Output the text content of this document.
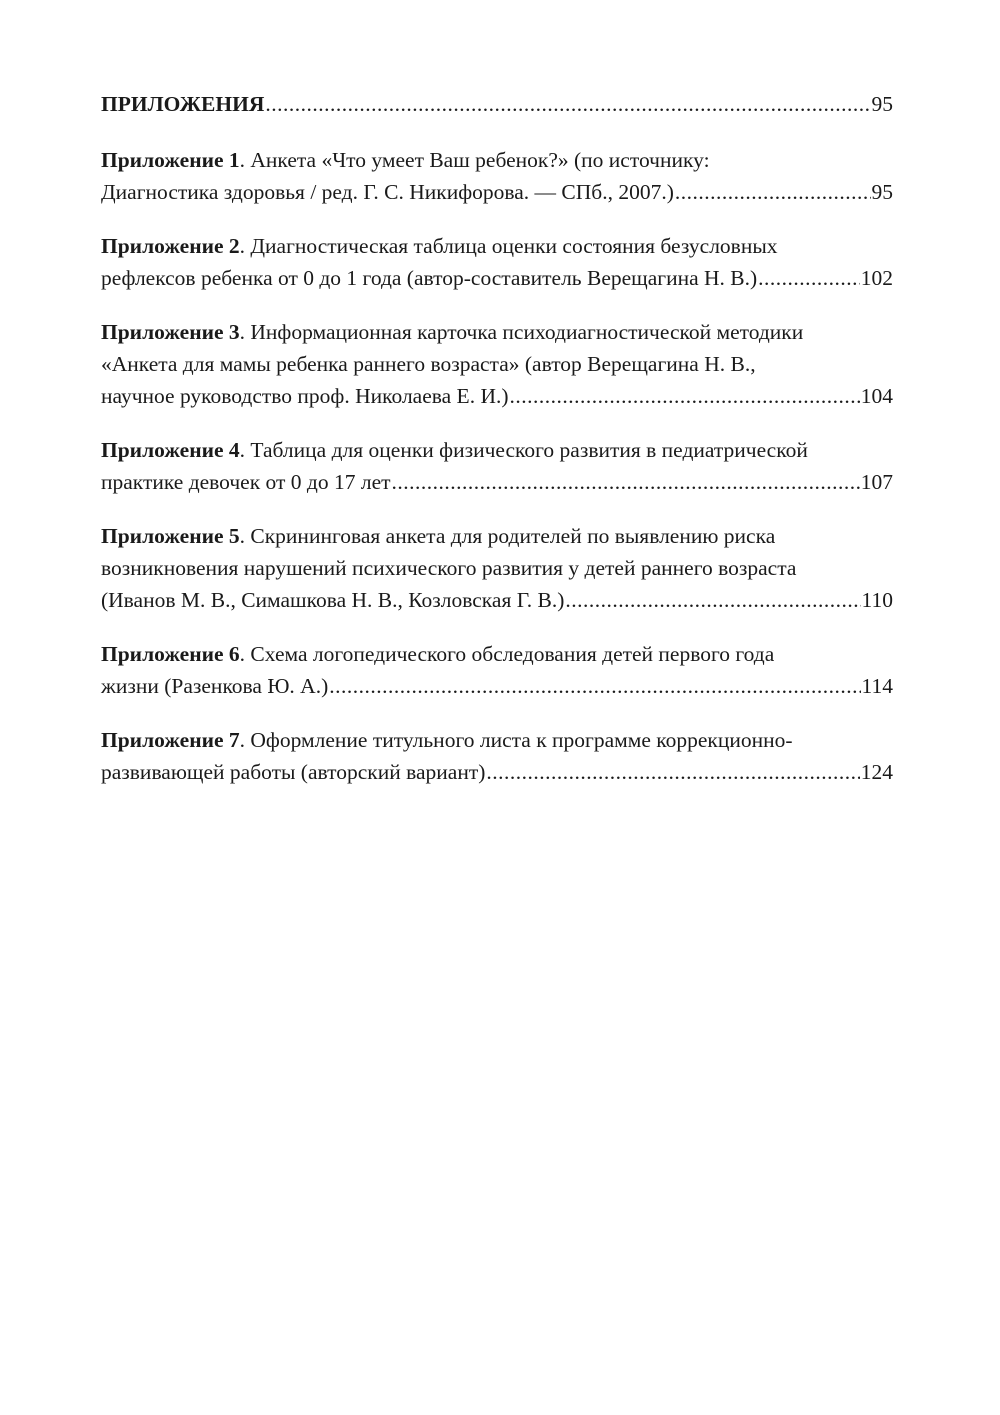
ПРИЛОЖЕНИЯ .....	95
Приложение 1. Анкета «Что умеет Ваш ребенок?» (по источнику:
Диагностика здоровья / ред. Г. С. Никифорова. — СПб., 2007.) .....	95
Приложение 2. Диагностическая таблица оценки состояния безусловных
рефлексов ребенка от 0 до 1 года (автор-составитель Верещагина Н. В.) .....	102
Приложение 3. Информационная карточка психодиагностической методики
«Анкета для мамы ребенка раннего возраста» (автор Верещагина Н. В.,
научное руководство проф. Николаева Е. И.) .....	104
Приложение 4. Таблица для оценки физического развития в педиатрической
практике девочек от 0 до 17 лет .....	107
Приложение 5. Скрининговая анкета для родителей по выявлению риска
возникновения нарушений психического развития у детей раннего возраста
(Иванов М. В., Симашкова Н. В., Козловская Г. В.) .....	110
Приложение 6. Схема логопедического обследования детей первого года
жизни (Разенкова Ю. А.) .....	114
Приложение 7. Оформление титульного листа к программе коррекционно-
развивающей работы (авторский вариант) .....	124
